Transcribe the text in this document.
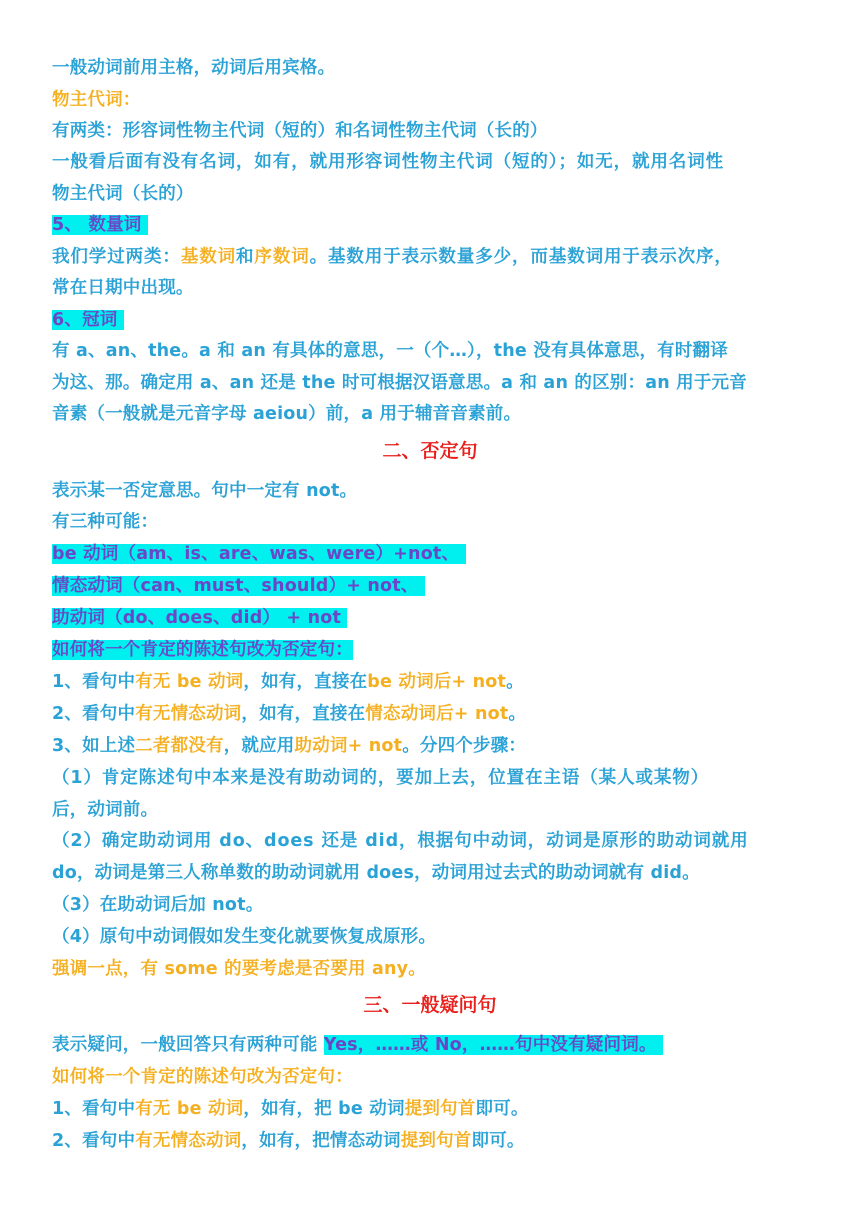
一般动词前用主格，动词后用宾格。
物主代词：
有两类：形容词性物主代词（短的）和名词性物主代词（长的）
一般看后面有没有名词，如有，就用形容词性物主代词（短的）；如无，就用名词性
物主代词（长的）
5、 数量词
我们学过两类：基数词和序数词。基数用于表示数量多少，而基数词用于表示次序，
常在日期中出现。
6、冠词
有 a、an、the。a 和 an 有具体的意思，一（个…），the 没有具体意思，有时翻译
为这、那。确定用 a、an 还是 the 时可根据汉语意思。a 和 an 的区别：an 用于元音
音素（一般就是元音字母 aeiou）前，a 用于辅音音素前。
二、否定句
表示某一否定意思。句中一定有 not。
有三种可能：
be 动词（am、is、are、was、were）+not、
情态动词（can、must、should）+ not、
助动词（do、does、did） + not
如何将一个肯定的陈述句改为否定句：
1、看句中有无 be 动词，如有，直接在be 动词后+ not。
2、看句中有无情态动词，如有，直接在情态动词后+ not。
3、如上述二者都没有，就应用助动词+ not。分四个步骤：
（1）肯定陈述句中本来是没有助动词的，要加上去，位置在主语（某人或某物）
后，动词前。
（2）确定助动词用 do、does 还是 did，根据句中动词，动词是原形的助动词就用
do，动词是第三人称单数的助动词就用 does，动词用过去式的助动词就有 did。
（3）在助动词后加 not。
（4）原句中动词假如发生变化就要恢复成原形。
强调一点，有 some 的要考虑是否要用 any。
三、一般疑问句
表示疑问，一般回答只有两种可能 Yes，……或 No，……句中没有疑问词。
如何将一个肯定的陈述句改为否定句：
1、看句中有无 be 动词，如有，把 be 动词提到句首即可。
2、看句中有无情态动词，如有，把情态动词提到句首即可。
